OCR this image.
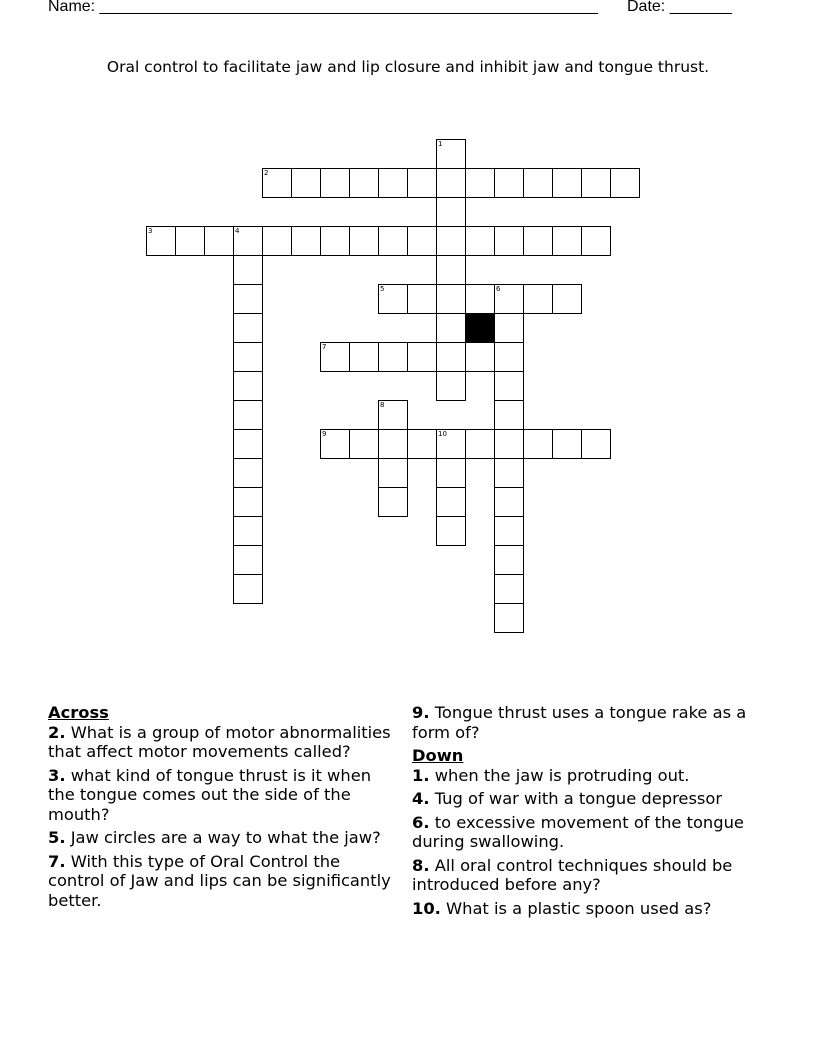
Name: ________________________________________________________ Date: _______
Oral control to facilitate jaw and lip closure and inhibit jaw and tongue thrust.
1
2
3	4
5	6
7
8
9	10
Across
2. What is a group of motor abnormalities that affect motor movements called?
3. what kind of tongue thrust is it when the tongue comes out the side of the mouth?
5. Jaw circles are a way to what the jaw?
7. With this type of Oral Control the control of Jaw and lips can be significantly better.
9. Tongue thrust uses a tongue rake as a form of?
Down
1. when the jaw is protruding out.
4. Tug of war with a tongue depressor
6. to excessive movement of the tongue during swallowing.
8. All oral control techniques should be introduced before any?
10. What is a plastic spoon used as?
